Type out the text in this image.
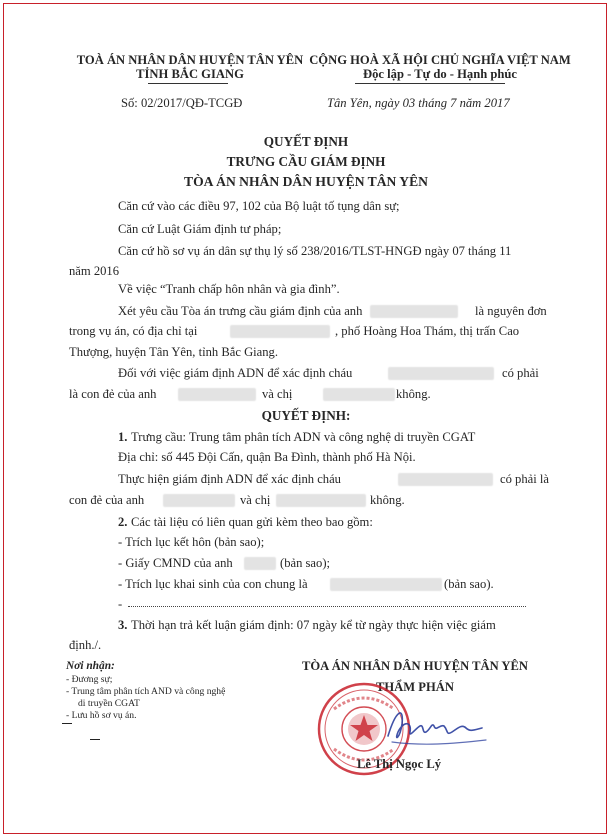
TOÀ ÁN NHÂN DÂN HUYỆN TÂN YÊN
TỈNH BẮC GIANG
CỘNG HOÀ XÃ HỘI CHỦ NGHĨA VIỆT NAM
Độc lập - Tự do - Hạnh phúc
Số: 02/2017/QĐ-TCGĐ	Tân Yên, ngày 03 tháng 7 năm 2017
QUYẾT ĐỊNH
TRƯNG CẦU GIÁM ĐỊNH
TÒA ÁN NHÂN DÂN HUYỆN TÂN YÊN
Căn cứ vào các điều 97, 102 của Bộ luật tố tụng dân sự;
Căn cứ Luật Giám định tư pháp;
Căn cứ hồ sơ vụ án dân sự thụ lý số 238/2016/TLST-HNGĐ ngày 07 tháng 11
năm 2016
Về việc “Tranh chấp hôn nhân và gia đình”.
Xét yêu cầu Tòa án trưng cầu giám định của anh	là nguyên đơn
trong vụ án, có địa chỉ tại	, phố Hoàng Hoa Thám, thị trấn Cao
Thượng, huyện Tân Yên, tỉnh Bắc Giang.
Đối với việc giám định ADN để xác định cháu	có phải
là con đẻ của anh	và chị	không.
QUYẾT ĐỊNH:
1. Trưng cầu: Trung tâm phân tích ADN và công nghệ di truyền CGAT
Địa chỉ: số 445 Đội Cấn, quận Ba Đình, thành phố Hà Nội.
Thực hiện giám định ADN để xác định cháu	có phải là
con đẻ của anh	và chị	không.
2. Các tài liệu có liên quan gửi kèm theo bao gồm:
- Trích lục kết hôn (bản sao);
- Giấy CMND của anh	(bản sao);
- Trích lục khai sinh của con chung là	(bản sao).
-
3. Thời hạn trả kết luận giám định: 07 ngày kể từ ngày thực hiện việc giám
định./.
Nơi nhận:
- Đương sự;
- Trung tâm phân tích AND và công nghệ
di truyền CGAT
- Lưu hồ sơ vụ án.
TÒA ÁN NHÂN DÂN HUYỆN TÂN YÊN
THẨM PHÁN
Lê Thị Ngọc Lý
